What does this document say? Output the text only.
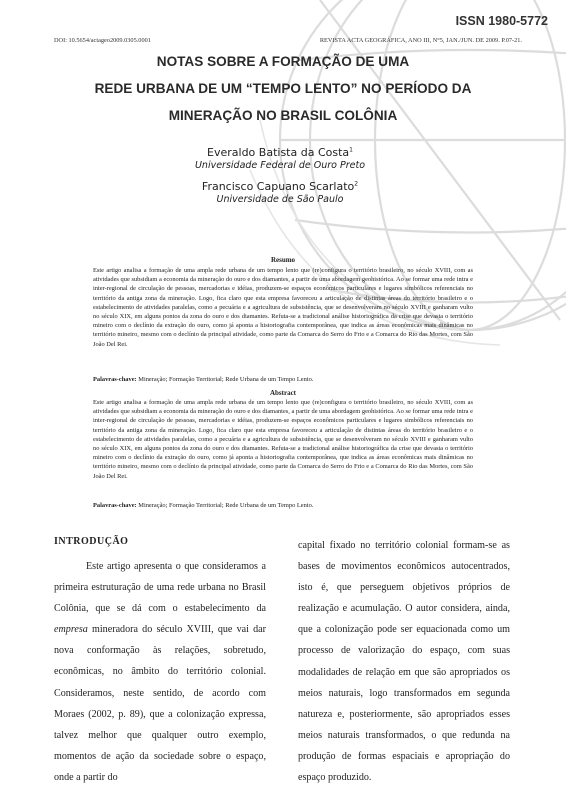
ISSN 1980-5772
DOI: 10.5654/actageo2009.0305.0001	REVISTA ACTA GEOGRÁFICA, ANO III, N°5, JAN./JUN. DE 2009. P.07-21.
NOTAS SOBRE A FORMAÇÃO DE UMA
REDE URBANA DE UM “TEMPO LENTO” NO PERÍODO DA
MINERAÇÃO NO BRASIL COLÔNIA
Everaldo Batista da Costa$^1$
Universidade Federal de Ouro Preto
Francisco Capuano Scarlato$^2$
Universidade de São Paulo
Resumo
Este artigo analisa a formação de uma ampla rede urbana de um tempo lento que (re)configura o território brasileiro, no século XVIII, com as atividades que subsidiam a economia da mineração do ouro e dos diamantes, a partir de uma abordagem geohistórica. Ao se formar uma rede intra e inter-regional de circulação de pessoas, mercadorias e idéias, produzem-se espaços econômicos particulares e lugares simbólicos referenciais no território da antiga zona da mineração. Logo, fica claro que esta empresa favoreceu a articulação de distintas áreas do território brasileiro e o estabelecimento de atividades paralelas, como a pecuária e a agricultura de subsistência, que se desenvolveram no século XVIII e ganharam vulto no século XIX, em alguns pontos da zona do ouro e dos diamantes. Refuta-se a tradicional análise historiográfica da crise que devasta o território mineiro com o declínio da extração do ouro, como já aponta a historiografia contemporânea, que indica as áreas econômicas mais dinâmicas no território mineiro, mesmo com o declínio da principal atividade, como parte da Comarca do Serro do Frio e a Comarca do Rio das Mortes, com São João Del Rei.
Palavras-chave: Mineração; Formação Territorial; Rede Urbana de um Tempo Lento.
Abstract
Este artigo analisa a formação de uma ampla rede urbana de um tempo lento que (re)configura o território brasileiro, no século XVIII, com as atividades que subsidiam a economia da mineração do ouro e dos diamantes, a partir de uma abordagem geohistórica. Ao se formar uma rede intra e inter-regional de circulação de pessoas, mercadorias e idéias, produzem-se espaços econômicos particulares e lugares simbólicos referenciais no território da antiga zona da mineração. Logo, fica claro que esta empresa favoreceu a articulação de distintas áreas do território brasileiro e o estabelecimento de atividades paralelas, como a pecuária e a agricultura de subsistência, que se desenvolveram no século XVIII e ganharam vulto no século XIX, em alguns pontos da zona do ouro e dos diamantes. Refuta-se a tradicional análise historiográfica da crise que devasta o território mineiro com o declínio da extração do ouro, como já aponta a historiografia contemporânea, que indica as áreas econômicas mais dinâmicas no território mineiro, mesmo com o declínio da principal atividade, como parte da Comarca do Serro do Frio e a Comarca do Rio das Mortes, com São João Del Rei.
Palavras-chave: Mineração; Formação Territorial; Rede Urbana de um Tempo Lento.
INTRODUÇÃO

Este artigo apresenta o que consideramos a primeira estruturação de uma rede urbana no Brasil Colônia, que se dá com o estabelecimento da empresa mineradora do século XVIII, que vai dar nova conformação às relações, sobretudo, econômicas, no âmbito do território colonial. Consideramos, neste sentido, de acordo com Moraes (2002, p. 89), que a colonização expressa, talvez melhor que qualquer outro exemplo, momentos de ação da sociedade sobre o espaço, onde a partir do

capital fixado no território colonial formam-se as bases de movimentos econômicos autocentrados, isto é, que perseguem objetivos próprios de realização e acumulação. O autor considera, ainda, que a colonização pode ser equacionada como um processo de valorização do espaço, com suas modalidades de relação em que são apropriados os meios naturais, logo transformados em segunda natureza e, posteriormente, são apropriados esses meios naturais transformados, o que redunda na produção de formas espaciais e apropriação do espaço produzido.
